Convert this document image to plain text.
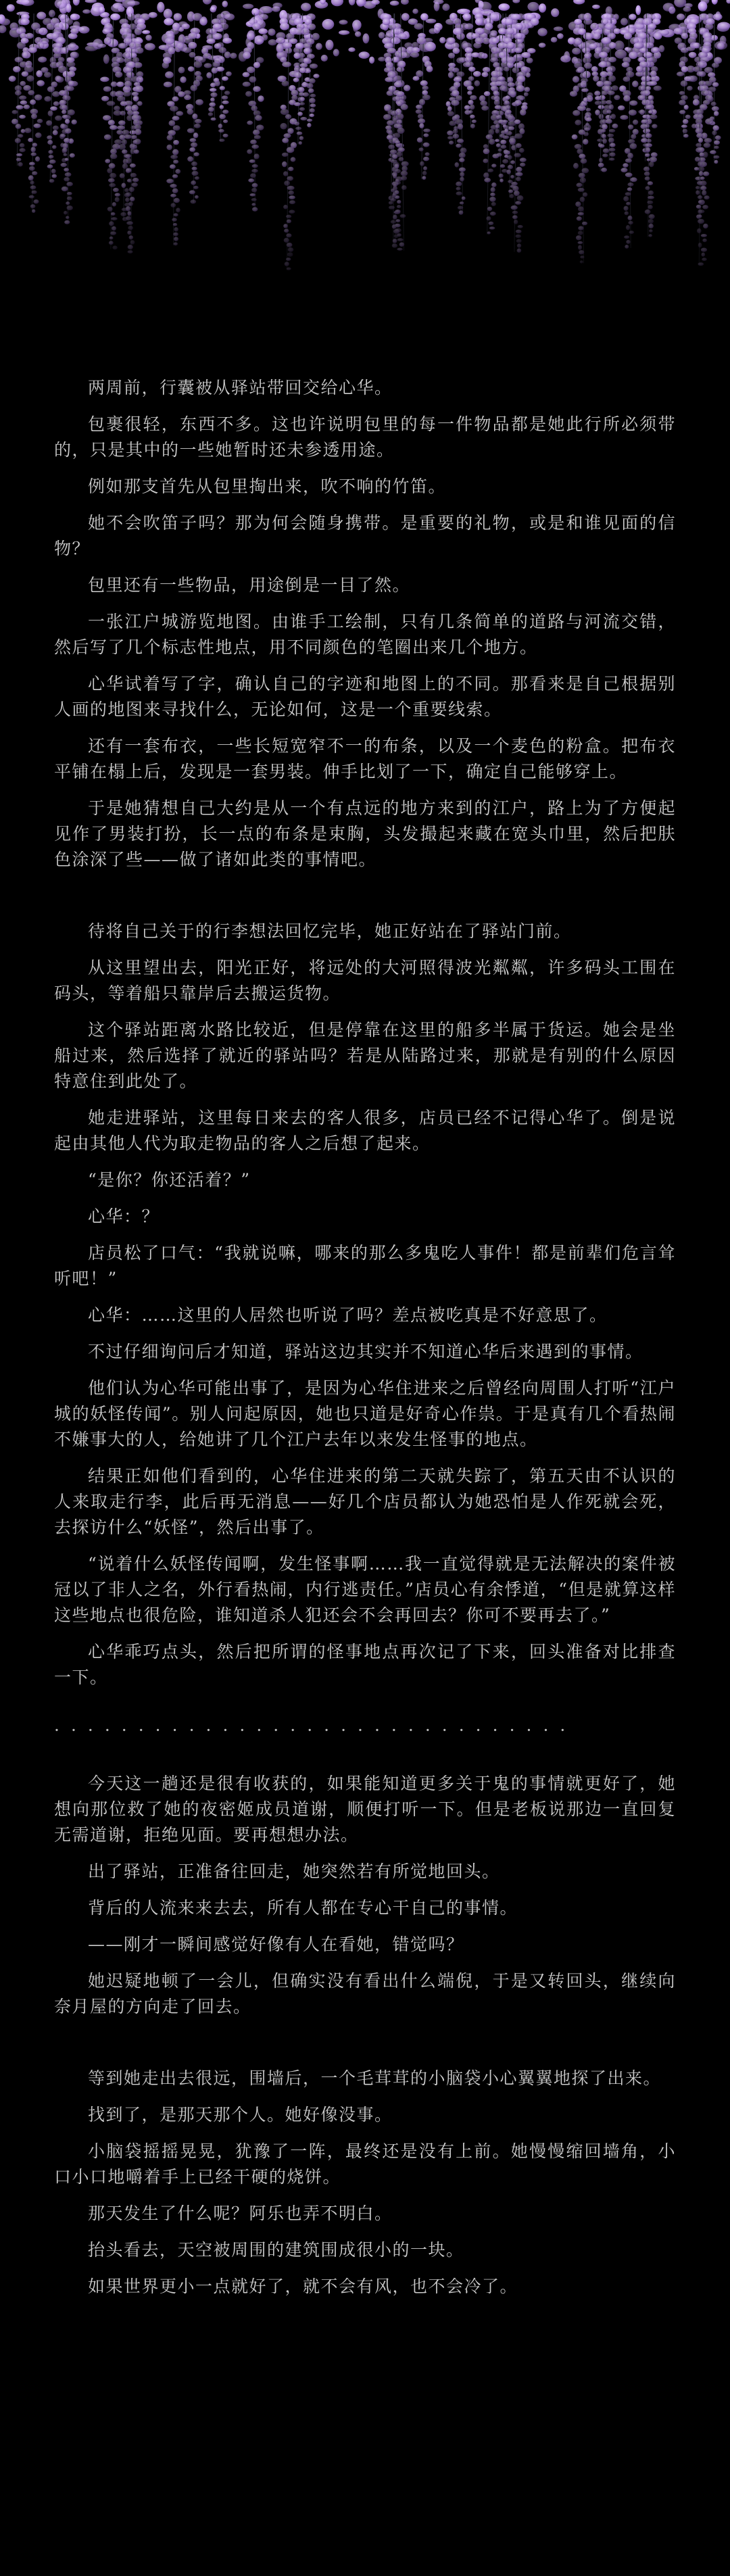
两周前，行囊被从驿站带回交给心华。

包裹很轻，东西不多。这也许说明包里的每一件物品都是她此行所必须带的，只是其中的一些她暂时还未参透用途。

例如那支首先从包里掏出来，吹不响的竹笛。

她不会吹笛子吗？那为何会随身携带。是重要的礼物，或是和谁见面的信物？

包里还有一些物品，用途倒是一目了然。

一张江户城游览地图。由谁手工绘制，只有几条简单的道路与河流交错，然后写了几个标志性地点，用不同颜色的笔圈出来几个地方。

心华试着写了字，确认自己的字迹和地图上的不同。那看来是自己根据别人画的地图来寻找什么，无论如何，这是一个重要线索。

还有一套布衣，一些长短宽窄不一的布条，以及一个麦色的粉盒。把布衣平铺在榻上后，发现是一套男装。伸手比划了一下，确定自己能够穿上。

于是她猜想自己大约是从一个有点远的地方来到的江户，路上为了方便起见作了男装打扮，长一点的布条是束胸，头发撮起来藏在宽头巾里，然后把肤色涂深了些——做了诸如此类的事情吧。

待将自己关于的行李想法回忆完毕，她正好站在了驿站门前。

从这里望出去，阳光正好，将远处的大河照得波光粼粼，许多码头工围在码头，等着船只靠岸后去搬运货物。

这个驿站距离水路比较近，但是停靠在这里的船多半属于货运。她会是坐船过来，然后选择了就近的驿站吗？若是从陆路过来，那就是有别的什么原因特意住到此处了。

她走进驿站，这里每日来去的客人很多，店员已经不记得心华了。倒是说起由其他人代为取走物品的客人之后想了起来。

“是你？你还活着？”

心华：？

店员松了口气：“我就说嘛，哪来的那么多鬼吃人事件！都是前辈们危言耸听吧！”

心华：……这里的人居然也听说了吗？差点被吃真是不好意思了。

不过仔细询问后才知道，驿站这边其实并不知道心华后来遇到的事情。

他们认为心华可能出事了，是因为心华住进来之后曾经向周围人打听“江户城的妖怪传闻”。别人问起原因，她也只道是好奇心作祟。于是真有几个看热闹不嫌事大的人，给她讲了几个江户去年以来发生怪事的地点。

结果正如他们看到的，心华住进来的第二天就失踪了，第五天由不认识的人来取走行李，此后再无消息——好几个店员都认为她恐怕是人作死就会死，去探访什么“妖怪”，然后出事了。

“说着什么妖怪传闻啊，发生怪事啊……我一直觉得就是无法解决的案件被冠以了非人之名，外行看热闹，内行逃责任。”店员心有余悸道，“但是就算这样这些地点也很危险，谁知道杀人犯还会不会再回去？你可不要再去了。”

心华乖巧点头，然后把所谓的怪事地点再次记了下来，回头准备对比排查一下。

·······························

今天这一趟还是很有收获的，如果能知道更多关于鬼的事情就更好了，她想向那位救了她的夜密姬成员道谢，顺便打听一下。但是老板说那边一直回复无需道谢，拒绝见面。要再想想办法。

出了驿站，正准备往回走，她突然若有所觉地回头。

背后的人流来来去去，所有人都在专心干自己的事情。

——刚才一瞬间感觉好像有人在看她，错觉吗？

她迟疑地顿了一会儿，但确实没有看出什么端倪，于是又转回头，继续向奈月屋的方向走了回去。

等到她走出去很远，围墙后，一个毛茸茸的小脑袋小心翼翼地探了出来。

找到了，是那天那个人。她好像没事。

小脑袋摇摇晃晃，犹豫了一阵，最终还是没有上前。她慢慢缩回墙角，小口小口地嚼着手上已经干硬的烧饼。

那天发生了什么呢？阿乐也弄不明白。

抬头看去，天空被周围的建筑围成很小的一块。

如果世界更小一点就好了，就不会有风，也不会冷了。
